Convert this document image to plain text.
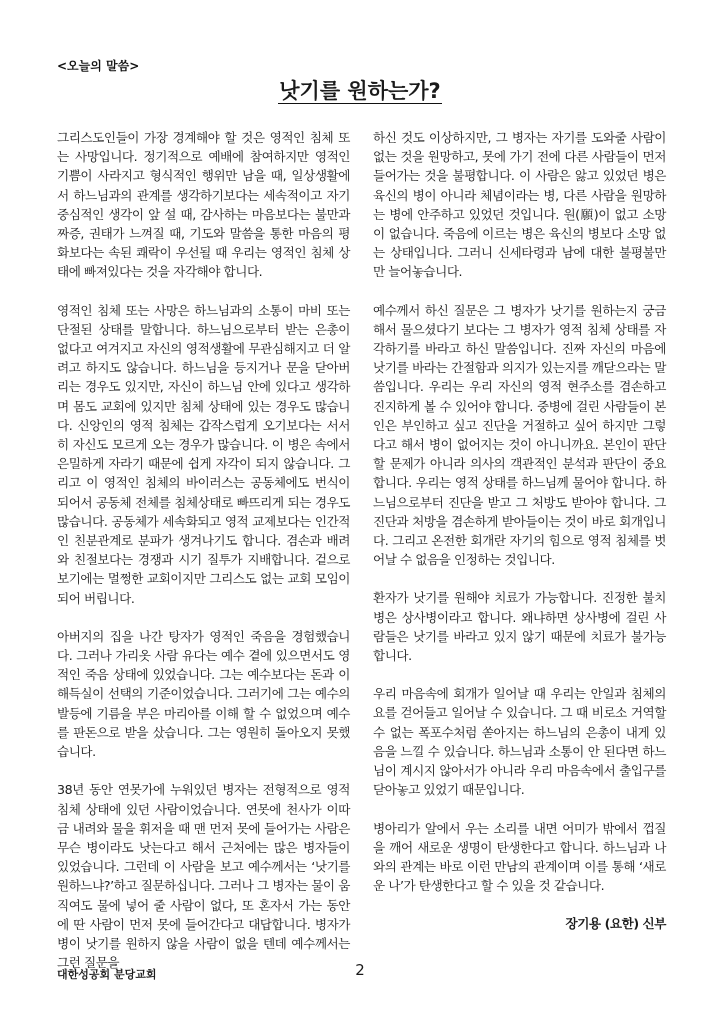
<오늘의 말씀>
낫기를 원하는가?

그리스도인들이 가장 경계해야 할 것은 영적인 침체 또는 사망입니다. 정기적으로 예배에 참여하지만 영적인 기쁨이 사라지고 형식적인 행위만 남을 때, 일상생활에서 하느님과의 관계를 생각하기보다는 세속적이고 자기중심적인 생각이 앞 설 때, 감사하는 마음보다는 불만과 짜증, 권태가 느껴질 때, 기도와 말씀을 통한 마음의 평화보다는 속된 쾌락이 우선될 때 우리는 영적인 침체 상태에 빠져있다는 것을 자각해야 합니다.

영적인 침체 또는 사망은 하느님과의 소통이 마비 또는 단절된 상태를 말합니다. 하느님으로부터 받는 은총이 없다고 여겨지고 자신의 영적생활에 무관심해지고 더 알려고 하지도 않습니다. 하느님을 등지거나 문을 닫아버리는 경우도 있지만, 자신이 하느님 안에 있다고 생각하며 몸도 교회에 있지만 침체 상태에 있는 경우도 많습니다. 신앙인의 영적 침체는 갑작스럽게 오기보다는 서서히 자신도 모르게 오는 경우가 많습니다. 이 병은 속에서 은밀하게 자라기 때문에 쉽게 자각이 되지 않습니다. 그리고 이 영적인 침체의 바이러스는 공동체에도 번식이 되어서 공동체 전체를 침체상태로 빠뜨리게 되는 경우도 많습니다. 공동체가 세속화되고 영적 교제보다는 인간적인 친분관계로 분파가 생겨나기도 합니다. 겸손과 배려와 친절보다는 경쟁과 시기 질투가 지배합니다. 겉으로 보기에는 멀쩡한 교회이지만 그리스도 없는 교회 모임이 되어 버립니다.

아버지의 집을 나간 탕자가 영적인 죽음을 경험했습니다. 그러나 가리옷 사람 유다는 예수 곁에 있으면서도 영적인 죽음 상태에 있었습니다. 그는 예수보다는 돈과 이해득실이 선택의 기준이었습니다. 그러기에 그는 예수의 발등에 기름을 부은 마리아를 이해 할 수 없었으며 예수를 판돈으로 받을 샀습니다. 그는 영원히 돌아오지 못했습니다.

38년 동안 연못가에 누워있던 병자는 전형적으로 영적 침체 상태에 있던 사람이었습니다. 연못에 천사가 이따금 내려와 물을 휘저을 때 맨 먼저 못에 들어가는 사람은 무슨 병이라도 낫는다고 해서 근처에는 많은 병자들이 있었습니다. 그런데 이 사람을 보고 예수께서는 ‘낫기를 원하느냐?’하고 질문하십니다. 그러나 그 병자는 물이 움직여도 물에 넣어 줄 사람이 없다, 또 혼자서 가는 동안에 딴 사람이 먼저 못에 들어간다고 대답합니다. 병자가 병이 낫기를 원하지 않을 사람이 없을 텐데 예수께서는 그런 질문을

하신 것도 이상하지만, 그 병자는 자기를 도와줄 사람이 없는 것을 원망하고, 못에 가기 전에 다른 사람들이 먼저 들어가는 것을 불평합니다. 이 사람은 앓고 있었던 병은 육신의 병이 아니라 체념이라는 병, 다른 사람을 원망하는 병에 안주하고 있었던 것입니다. 원(願)이 없고 소망이 없습니다. 죽음에 이르는 병은 육신의 병보다 소망 없는 상태입니다. 그러니 신세타령과 남에 대한 불평불만만 늘어놓습니다.

예수께서 하신 질문은 그 병자가 낫기를 원하는지 궁금해서 물으셨다기 보다는 그 병자가 영적 침체 상태를 자각하기를 바라고 하신 말씀입니다. 진짜 자신의 마음에 낫기를 바라는 간절함과 의지가 있는지를 깨닫으라는 말씀입니다. 우리는 우리 자신의 영적 현주소를 겸손하고 진지하게 볼 수 있어야 합니다. 중병에 걸린 사람들이 본인은 부인하고 싶고 진단을 거절하고 싶어 하지만 그렇다고 해서 병이 없어지는 것이 아니니까요. 본인이 판단할 문제가 아니라 의사의 객관적인 분석과 판단이 중요합니다. 우리는 영적 상태를 하느님께 물어야 합니다. 하느님으로부터 진단을 받고 그 처방도 받아야 합니다. 그 진단과 처방을 겸손하게 받아들이는 것이 바로 회개입니다. 그리고 온전한 회개란 자기의 힘으로 영적 침체를 벗어날 수 없음을 인정하는 것입니다.

환자가 낫기를 원해야 치료가 가능합니다. 진정한 불치병은 상사병이라고 합니다. 왜냐하면 상사병에 걸린 사람들은 낫기를 바라고 있지 않기 때문에 치료가 불가능합니다.

우리 마음속에 회개가 일어날 때 우리는 안일과 침체의 요를 걷어들고 일어날 수 있습니다. 그 때 비로소 거역할 수 없는 폭포수처럼 쏟아지는 하느님의 은총이 내게 있음을 느낄 수 있습니다. 하느님과 소통이 안 된다면 하느님이 계시지 않아서가 아니라 우리 마음속에서 출입구를 닫아놓고 있었기 때문입니다.

병아리가 알에서 우는 소리를 내면 어미가 밖에서 껍질을 깨어 새로운 생명이 탄생한다고 합니다. 하느님과 나와의 관계는 바로 이런 만남의 관계이며 이를 통해 ‘새로운 나’가 탄생한다고 할 수 있을 것 같습니다.

장기용 (요한) 신부

대한성공회 분당교회	2
